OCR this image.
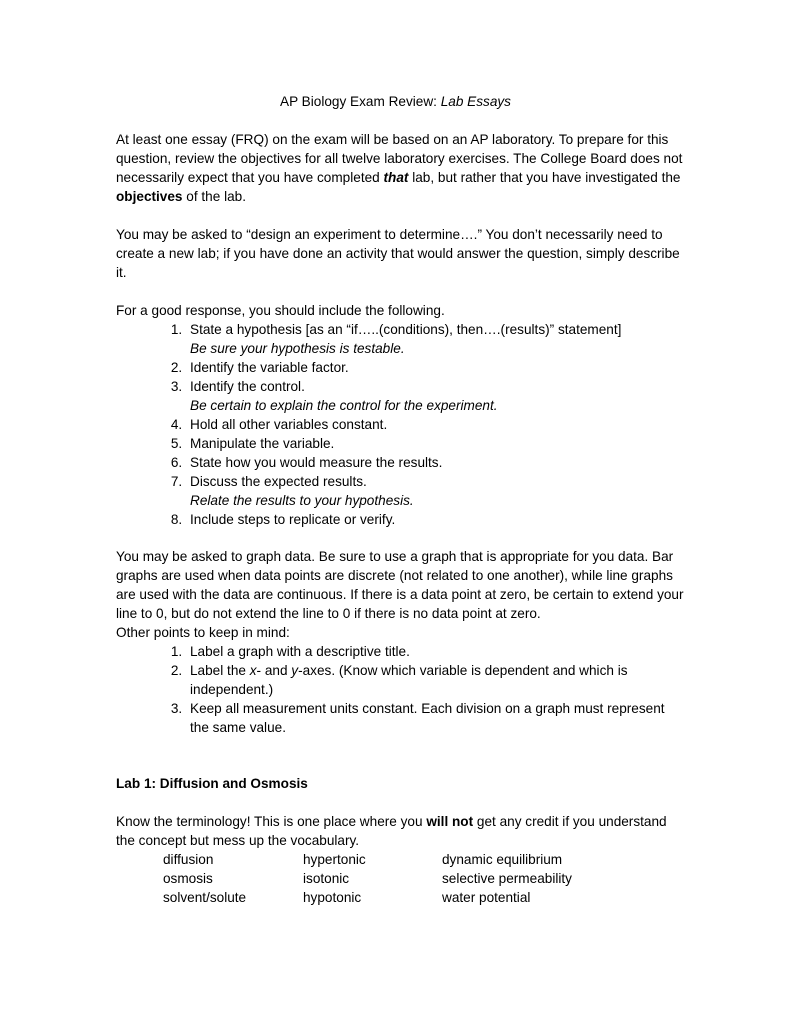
AP Biology Exam Review: Lab Essays

At least one essay (FRQ) on the exam will be based on an AP laboratory. To prepare for this question, review the objectives for all twelve laboratory exercises. The College Board does not necessarily expect that you have completed that lab, but rather that you have investigated the objectives of the lab.

You may be asked to “design an experiment to determine….” You don’t necessarily need to create a new lab; if you have done an activity that would answer the question, simply describe it.

For a good response, you should include the following.

1. State a hypothesis [as an “if…..(conditions), then….(results)” statement]
Be sure your hypothesis is testable.
2. Identify the variable factor.
3. Identify the control.
Be certain to explain the control for the experiment.
4. Hold all other variables constant.
5. Manipulate the variable.
6. State how you would measure the results.
7. Discuss the expected results.
Relate the results to your hypothesis.
8. Include steps to replicate or verify.

You may be asked to graph data. Be sure to use a graph that is appropriate for you data. Bar graphs are used when data points are discrete (not related to one another), while line graphs are used with the data are continuous. If there is a data point at zero, be certain to extend your line to 0, but do not extend the line to 0 if there is no data point at zero.

Other points to keep in mind:

1. Label a graph with a descriptive title.
2. Label the x- and y-axes. (Know which variable is dependent and which is independent.)
3. Keep all measurement units constant. Each division on a graph must represent the same value.

Lab 1: Diffusion and Osmosis

Know the terminology! This is one place where you will not get any credit if you understand the concept but mess up the vocabulary.

diffusion	hypertonic	dynamic equilibrium
osmosis	isotonic	selective permeability
solvent/solute	hypotonic	water potential
